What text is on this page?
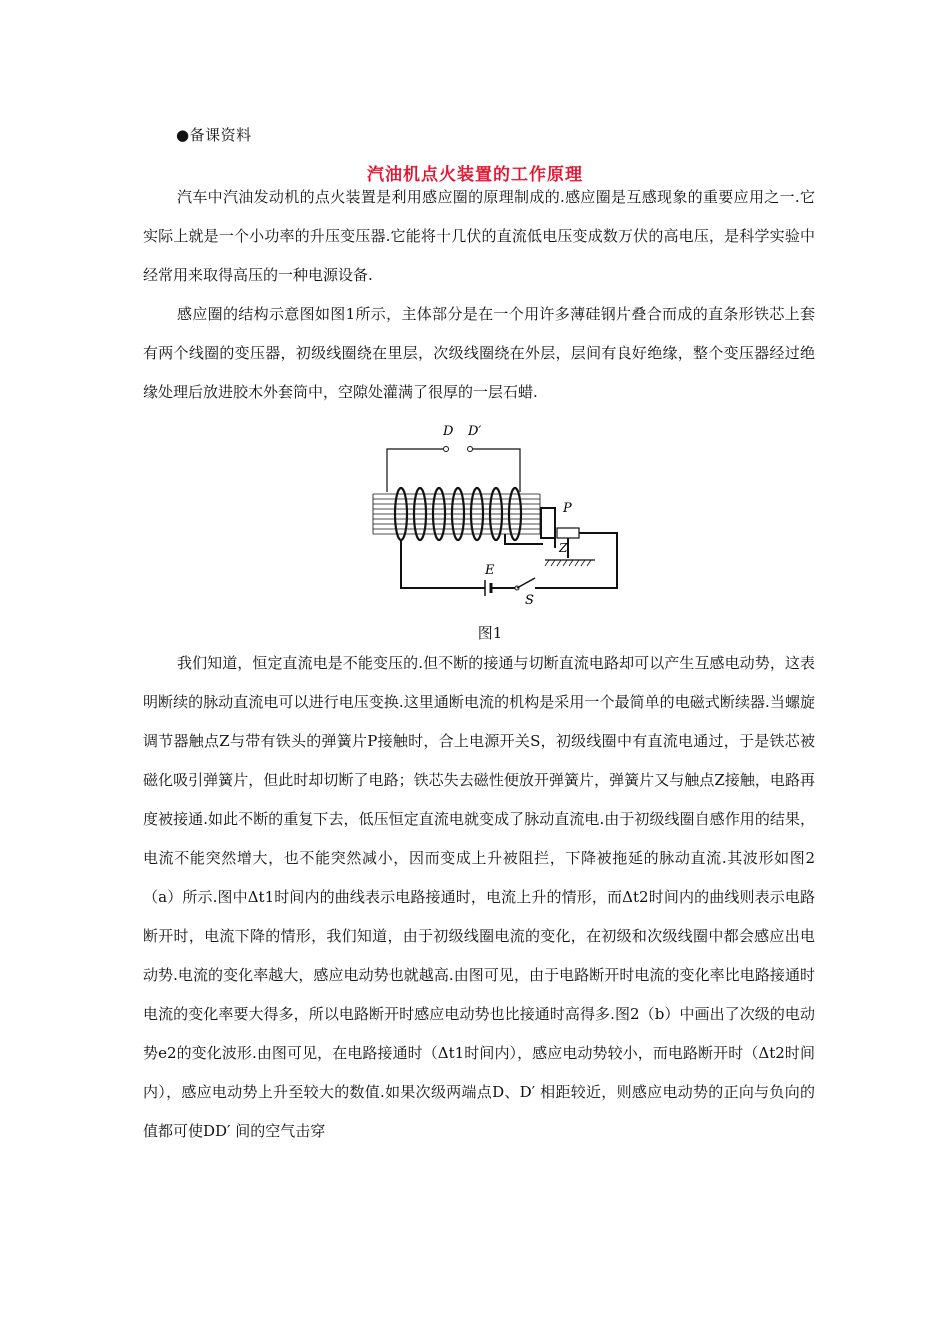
●备课资料
汽油机点火装置的工作原理

汽车中汽油发动机的点火装置是利用感应圈的原理制成的.感应圈是互感现象的重要应用之一.它实际上就是一个小功率的升压变压器.它能将十几伏的直流低电压变成数万伏的高电压，是科学实验中经常用来取得高压的一种电源设备.

感应圈的结构示意图如图1所示，主体部分是在一个用许多薄硅钢片叠合而成的直条形铁芯上套有两个线圈的变压器，初级线圈绕在里层，次级线圈绕在外层，层间有良好绝缘，整个变压器经过绝缘处理后放进胶木外套筒中，空隙处灌满了很厚的一层石蜡.

D D′
P
Z
E
S
图1

我们知道，恒定直流电是不能变压的.但不断的接通与切断直流电路却可以产生互感电动势，这表明断续的脉动直流电可以进行电压变换.这里通断电流的机构是采用一个最简单的电磁式断续器.当螺旋调节器触点Z与带有铁头的弹簧片P接触时，合上电源开关S，初级线圈中有直流电通过，于是铁芯被磁化吸引弹簧片，但此时却切断了电路；铁芯失去磁性便放开弹簧片，弹簧片又与触点Z接触，电路再度被接通.如此不断的重复下去，低压恒定直流电就变成了脉动直流电.由于初级线圈自感作用的结果，电流不能突然增大，也不能突然减小，因而变成上升被阻拦，下降被拖延的脉动直流.其波形如图2（a）所示.图中Δt1时间内的曲线表示电路接通时，电流上升的情形，而Δt2时间内的曲线则表示电路断开时，电流下降的情形，我们知道，由于初级线圈电流的变化，在初级和次级线圈中都会感应出电动势.电流的变化率越大，感应电动势也就越高.由图可见，由于电路断开时电流的变化率比电路接通时电流的变化率要大得多，所以电路断开时感应电动势也比接通时高得多.图2（b）中画出了次级的电动势e2的变化波形.由图可见，在电路接通时（Δt1时间内），感应电动势较小，而电路断开时（Δt2时间内），感应电动势上升至较大的数值.如果次级两端点D、D′ 相距较近，则感应电动势的正向与负向的值都可使DD′ 间的空气击穿
